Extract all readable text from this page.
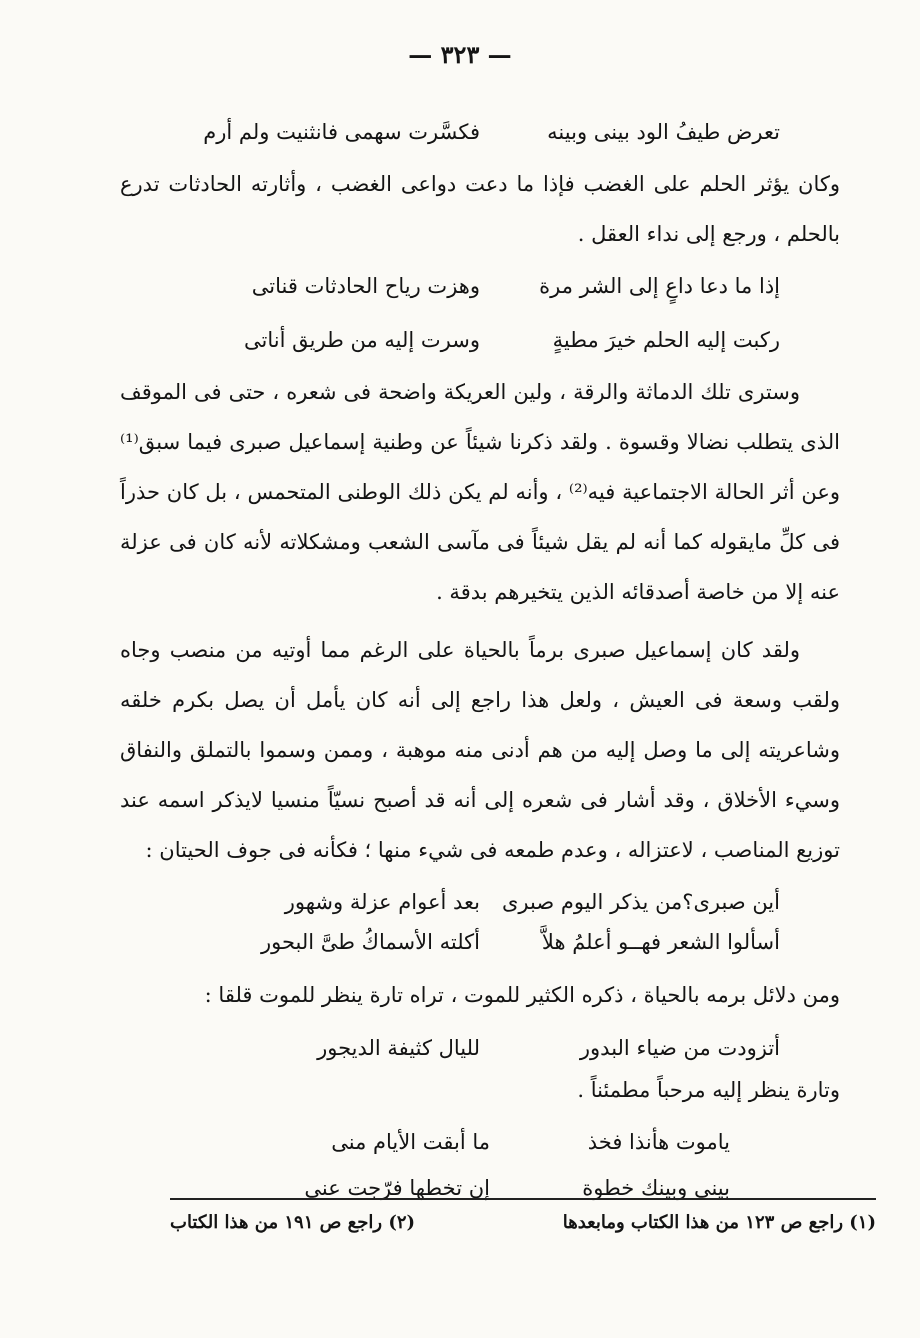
— ٣٢٣ —
تعرض طيفُ الود بينى وبينه
فكسَّرت سهمى فانثنيت ولم أرم

وكان يؤثر الحلم على الغضب فإذا ما دعت دواعى الغضب ، وأثارته الحادثات تدرع بالحلم ، ورجع إلى نداء العقل .

إذا ما دعا داعٍ إلى الشر مرة
وهزت رياح الحادثات قناتى
ركبت إليه الحلم خيرَ مطيةٍ
وسرت إليه من طريق أناتى

وسترى تلك الدماثة والرقة ، ولين العريكة واضحة فى شعره ، حتى فى الموقف الذى يتطلب نضالا وقسوة . ولقد ذكرنا شيئاً عن وطنية إسماعيل صبرى فيما سبق⁽¹⁾ وعن أثر الحالة الاجتماعية فيه⁽²⁾ ، وأنه لم يكن ذلك الوطنى المتحمس ، بل كان حذراً فى كلِّ مايقوله كما أنه لم يقل شيئاً فى مآسى الشعب ومشكلاته لأنه كان فى عزلة عنه إلا من خاصة أصدقائه الذين يتخيرهم بدقة .

ولقد كان إسماعيل صبرى برماً بالحياة على الرغم مما أوتيه من منصب وجاه ولقب وسعة فى العيش ، ولعل هذا راجع إلى أنه كان يأمل أن يصل بكرم خلقه وشاعريته إلى ما وصل إليه من هم أدنى منه موهبة ، وممن وسموا بالتملق والنفاق وسيء الأخلاق ، وقد أشار فى شعره إلى أنه قد أصبح نسيّاً منسيا لايذكر اسمه عند توزيع المناصب ، لاعتزاله ، وعدم طمعه فى شيء منها ؛ فكأنه فى جوف الحيتان :

أين صبرى؟من يذكر اليوم صبرى
بعد أعوام عزلة وشهور
أسألوا الشعر فهــو أعلمُ هلاَّ
أكلته الأسماكُ طىَّ البحور
ومن دلائل برمه بالحياة ، ذكره الكثير للموت ، تراه تارة ينظر للموت قلقا :
أتزودت من ضياء البدور
لليال كثيفة الديجور
وتارة ينظر إليه مرحباً مطمئناً .
ياموت هأنذا فخذ
ما أبقت الأيام منى
بينى وبينك خطوة
إن تخطها فرّجت عنى
(١) راجع ص ١٢٣ من هذا الكتاب ومابعدها
(٢) راجع ص ١٩١ من هذا الكتاب
